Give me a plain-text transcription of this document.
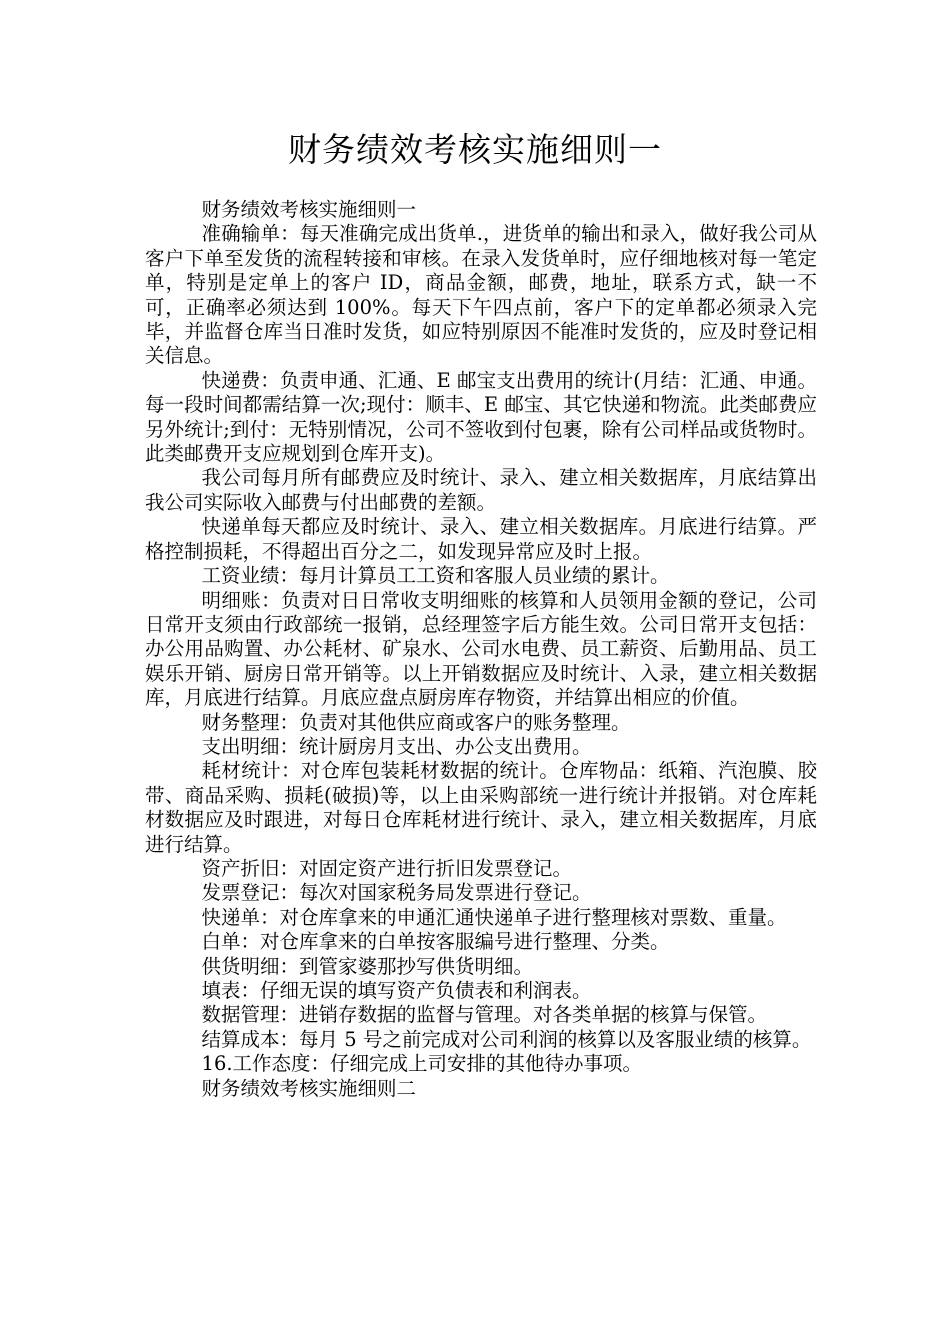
财务绩效考核实施细则一

财务绩效考核实施细则一

准确输单：每天准确完成出货单.，进货单的输出和录入，做好我公司从客户下单至发货的流程转接和审核。在录入发货单时，应仔细地核对每一笔定单，特别是定单上的客户 ID，商品金额，邮费，地址，联系方式，缺一不可，正确率必须达到 100%。每天下午四点前，客户下的定单都必须录入完毕，并监督仓库当日准时发货，如应特别原因不能准时发货的，应及时登记相关信息。

快递费：负责申通、汇通、E 邮宝支出费用的统计(月结：汇通、申通。每一段时间都需结算一次;现付：顺丰、E 邮宝、其它快递和物流。此类邮费应另外统计;到付：无特别情况，公司不签收到付包裹，除有公司样品或货物时。此类邮费开支应规划到仓库开支)。

我公司每月所有邮费应及时统计、录入、建立相关数据库，月底结算出我公司实际收入邮费与付出邮费的差额。

快递单每天都应及时统计、录入、建立相关数据库。月底进行结算。严格控制损耗，不得超出百分之二，如发现异常应及时上报。

工资业绩：每月计算员工工资和客服人员业绩的累计。

明细账：负责对日日常收支明细账的核算和人员领用金额的登记，公司日常开支须由行政部统一报销，总经理签字后方能生效。公司日常开支包括：办公用品购置、办公耗材、矿泉水、公司水电费、员工薪资、后勤用品、员工娱乐开销、厨房日常开销等。以上开销数据应及时统计、入录，建立相关数据库，月底进行结算。月底应盘点厨房库存物资，并结算出相应的价值。

财务整理：负责对其他供应商或客户的账务整理。

支出明细：统计厨房月支出、办公支出费用。

耗材统计：对仓库包装耗材数据的统计。仓库物品：纸箱、汽泡膜、胶带、商品采购、损耗(破损)等，以上由采购部统一进行统计并报销。对仓库耗材数据应及时跟进，对每日仓库耗材进行统计、录入，建立相关数据库，月底进行结算。

资产折旧：对固定资产进行折旧发票登记。

发票登记：每次对国家税务局发票进行登记。

快递单：对仓库拿来的申通汇通快递单子进行整理核对票数、重量。

白单：对仓库拿来的白单按客服编号进行整理、分类。

供货明细：到管家婆那抄写供货明细。

填表：仔细无误的填写资产负债表和利润表。

数据管理：进销存数据的监督与管理。对各类单据的核算与保管。

结算成本：每月 5 号之前完成对公司利润的核算以及客服业绩的核算。

16.工作态度：仔细完成上司安排的其他待办事项。

财务绩效考核实施细则二
